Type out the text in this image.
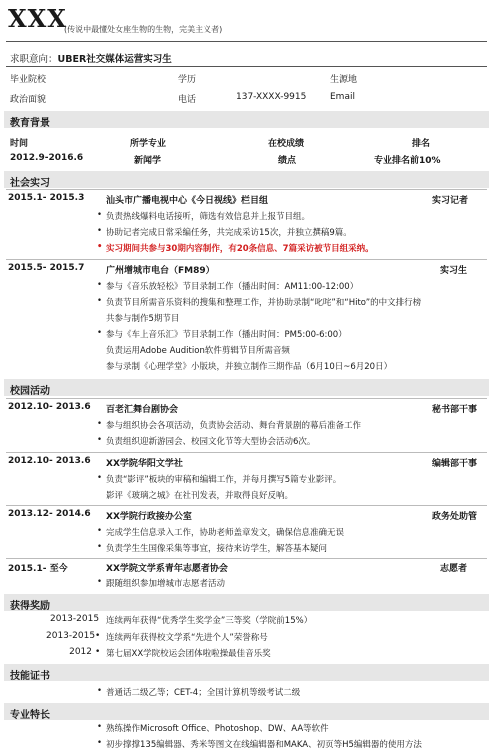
XXX
(传说中最懂处女座生物的生物，完美主义者)
求职意向：UBER社交媒体运营实习生
毕业院校	学历	生源地
政治面貌	电话	137-XXXX-9915	Email
教育背景
时间	所学专业	在校成绩	排名
2012.9-2016.6	新闻学	绩点	专业排名前10%
社会实习
2015.1- 2015.3 汕头市广播电视中心《今日视线》栏目组	实习记者
• 负责热线爆料电话接听，筛选有效信息并上报节目组。
• 协助记者完成日常采编任务，共完成采访15次，并独立撰稿9篇。
• 实习期间共参与30期内容制作，有20条信息、7篇采访被节目组采纳。
2015.5- 2015.7 广州增城市电台（FM89）	实习生
• 参与《音乐放轻松》节目录制工作（播出时间：AM11:00-12:00）
• 负责节目所需音乐资料的搜集和整理工作，并协助录制“叱咤”和“Hito”的中文排行榜
共参与制作5期节目
• 参与《车上音乐汇》节目录制工作（播出时间：PM5:00-6:00）
负责运用Adobe Audition软件剪辑节目所需音频
参与录制《心理学堂》小版块，并独立制作三期作品（6月10日~6月20日）
校园活动
2012.10- 2013.6 百老汇舞台剧协会	秘书部干事
• 参与组织协会各项活动，负责协会活动、舞台背景剧的幕后准备工作
• 负责组织迎新游园会、校园文化节等大型协会活动6次。
2012.10- 2013.6 XX学院华阳文学社	编辑部干事
• 负责“影评”板块的审稿和编辑工作，并每月撰写5篇专业影评。
影评《玻璃之城》在社刊发表，并取得良好反响。
2013.12- 2014.6 XX学院行政接办公室	政务处助管
• 完成学生信息录入工作，协助老师盖章发文，确保信息准确无误
• 负责学生生国像采集等事宜，接待来访学生，解答基本疑问
2015.1- 至今	XX学院文学系青年志愿者协会	志愿者
• 跟随组织参加增城市志愿者活动
获得奖励
2013-2015 连续两年获得“优秀学生奖学金”三等奖（学院前15%）
2013-2015 • 连续两年获得校文学系“先进个人”荣誉称号
2012 • 第七届XX学院校运会团体啦啦操最佳音乐奖
技能证书
• 普通话二级乙等；CET-4；全国计算机等级考试二级
专业特长
• 熟练操作Microsoft Office、Photoshop、DW、AA等软件
• 初步撑撑135编辑器、秀米等图文在线编辑器和MAKA、初页等H5编辑器的使用方法
